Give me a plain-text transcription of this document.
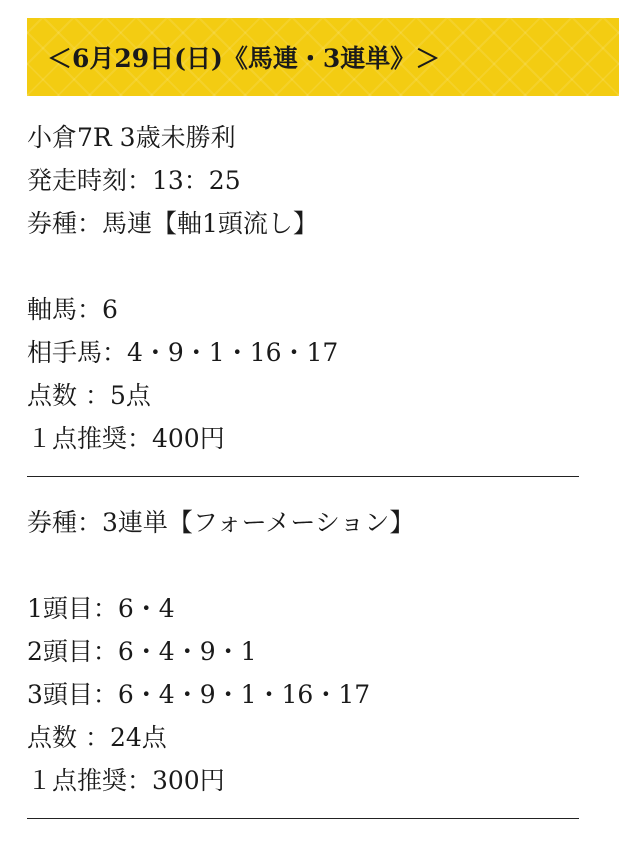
＜6月29日(日)《馬連・3連単》＞
小倉7R 3歳未勝利
発走時刻：13：25
券種：馬連【軸1頭流し】
軸馬：6
相手馬：4・9・1・16・17
点数 ：5点
１点推奨：400円
券種：3連単【フォーメーション】
1頭目：6・4
2頭目：6・4・9・1
3頭目：6・4・9・1・16・17
点数 ：24点
１点推奨：300円
